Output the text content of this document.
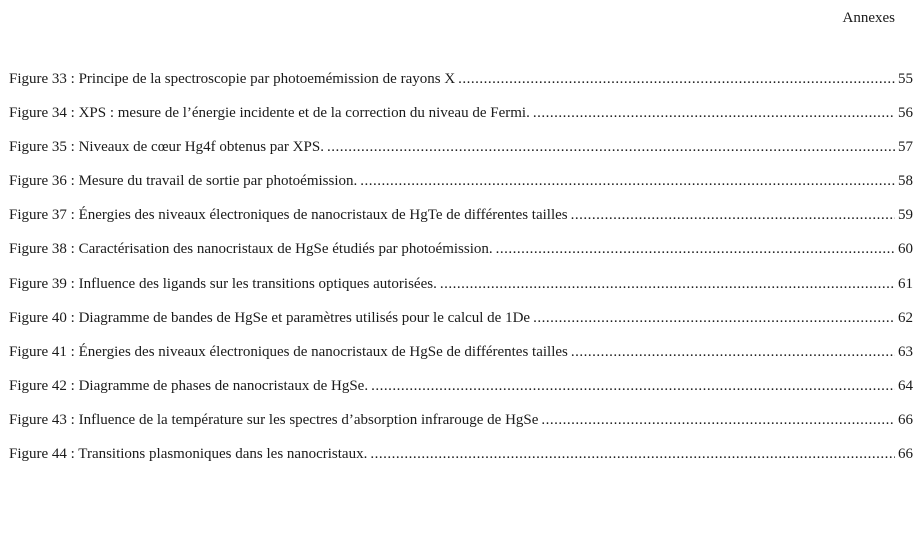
Annexes
Figure 33 : Principe de la spectroscopie par photoemémission de rayons X .....	55
Figure 34 : XPS : mesure de l’énergie incidente et de la correction du niveau de Fermi. .....	56
Figure 35 : Niveaux de cœur Hg4f obtenus par XPS. .....	57
Figure 36 : Mesure du travail de sortie par photoémission. .....	58
Figure 37 : Énergies des niveaux électroniques de nanocristaux de HgTe de différentes tailles .....	59
Figure 38 : Caractérisation des nanocristaux de HgSe étudiés par photoémission. .....	60
Figure 39 : Influence des ligands sur les transitions optiques autorisées. .....	61
Figure 40 : Diagramme de bandes de HgSe et paramètres utilisés pour le calcul de 1De .....	62
Figure 41 : Énergies des niveaux électroniques de nanocristaux de HgSe de différentes tailles .....	63
Figure 42 : Diagramme de phases de nanocristaux de HgSe. .....	64
Figure 43 : Influence de la température sur les spectres d’absorption infrarouge de HgSe .....	66
Figure 44 : Transitions plasmoniques dans les nanocristaux. .....	66
